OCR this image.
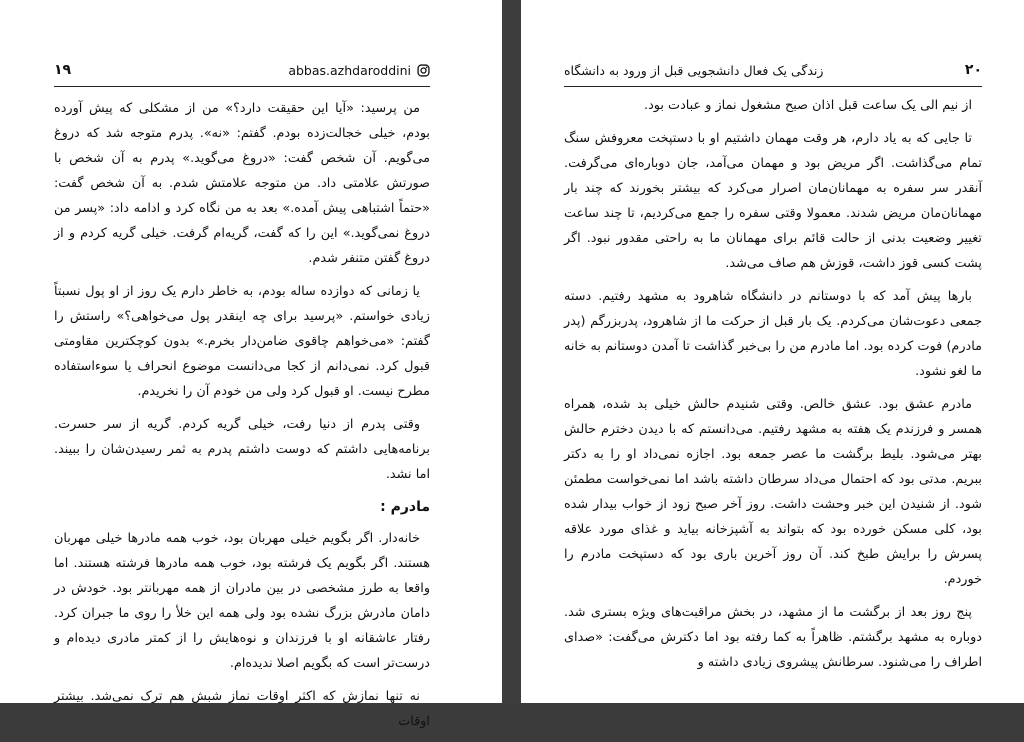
۱۹	abbas.azhdaroddini

من پرسید: «آیا این حقیقت دارد؟» من از مشکلی که پیش آورده بودم، خیلی خجالت‌زده بودم. گفتم: «نه». پدرم متوجه شد که دروغ می‌گویم. آن شخص گفت: «دروغ می‌گوید.» پدرم به آن شخص با صورتش علامتی داد. من متوجه علامتش شدم. به آن شخص گفت: «حتماً اشتباهی پیش آمده.» بعد به من نگاه کرد و ادامه داد: «پسر من دروغ نمی‌گوید.» این را که گفت، گریه‌ام گرفت. خیلی گریه کردم و از دروغ گفتن متنفر شدم.

یا زمانی که دوازده ساله بودم، به خاطر دارم یک روز از او پول نسبتاً زیادی خواستم. «پرسید برای چه اینقدر پول می‌خواهی؟» راستش را گفتم: «می‌خواهم چاقوی ضامن‌دار بخرم.» بدون کوچکترین مقاومتی قبول کرد. نمی‌دانم از کجا می‌دانست موضوع انحراف یا سوءاستفاده مطرح نیست. او قبول کرد ولی من خودم آن را نخریدم.

وقتی پدرم از دنیا رفت، خیلی گریه کردم. گریه از سر حسرت. برنامه‌هایی داشتم که دوست داشتم پدرم به ثمر رسیدن‌شان را ببیند. اما نشد.

مادرم :

خانه‌دار. اگر بگویم خیلی مهربان بود، خوب همه مادرها خیلی مهربان هستند. اگر بگویم یک فرشته بود، خوب همه مادرها فرشته هستند. اما واقعا به طرز مشخصی در بین مادران از همه مهربانتر بود. خودش در دامان مادرش بزرگ نشده بود ولی همه این خلأ را روی ما جبران کرد. رفتار عاشقانه او با فرزندان و نوه‌هایش را از کمتر مادری دیده‌ام و درست‌تر است که بگویم اصلا ندیده‌ام.

نه تنها نمازش که اکثر اوقات نماز شبش هم ترک نمی‌شد. بیشتر اوقات

۲۰
زندگی یک فعال دانشجویی قبل از ورود به دانشگاه

از نیم الی یک ساعت قبل اذان صبح مشغول نماز و عبادت بود.

تا جایی که به یاد دارم، هر وقت مهمان داشتیم او با دستپخت معروفش سنگ تمام می‌گذاشت. اگر مریض بود و مهمان می‌آمد، جان دوباره‌ای می‌گرفت. آنقدر سر سفره به مهمانان‌مان اصرار می‌کرد که بیشتر بخورند که چند بار مهمانان‌مان مریض شدند. معمولا وقتی سفره را جمع می‌کردیم، تا چند ساعت تغییر وضعیت بدنی از حالت قائم برای مهمانان ما به راحتی مقدور نبود. اگر پشت کسی قوز داشت، قوزش هم صاف می‌شد.

بارها پیش آمد که با دوستانم در دانشگاه شاهرود به مشهد رفتیم. دسته جمعی دعوت‌شان می‌کردم. یک بار قبل از حرکت ما از شاهرود، پدربزرگم (پدر مادرم) فوت کرده بود. اما مادرم من را بی‌خبر گذاشت تا آمدن دوستانم به خانه ما لغو نشود.

مادرم عشق بود. عشق خالص. وقتی شنیدم حالش خیلی بد شده، همراه همسر و فرزندم یک هفته به مشهد رفتیم. می‌دانستم که با دیدن دخترم حالش بهتر می‌شود. بلیط برگشت ما عصر جمعه بود. اجازه نمی‌داد او را به دکتر ببریم. مدتی بود که احتمال می‌داد سرطان داشته باشد اما نمی‌خواست مطمئن شود. از شنیدن این خبر وحشت داشت. روز آخر صبح زود از خواب بیدار شده بود، کلی مسکن خورده بود که بتواند به آشپزخانه بیاید و غذای مورد علاقه پسرش را برایش طبخ کند. آن روز آخرین باری بود که دستپخت مادرم را خوردم.

پنج روز بعد از برگشت ما از مشهد، در بخش مراقبت‌های ویژه بستری شد. دوباره به مشهد برگشتم. ظاهراً به کما رفته بود اما دکترش می‌گفت: «صدای اطراف را می‌شنود. سرطانش پیشروی زیادی داشته و
